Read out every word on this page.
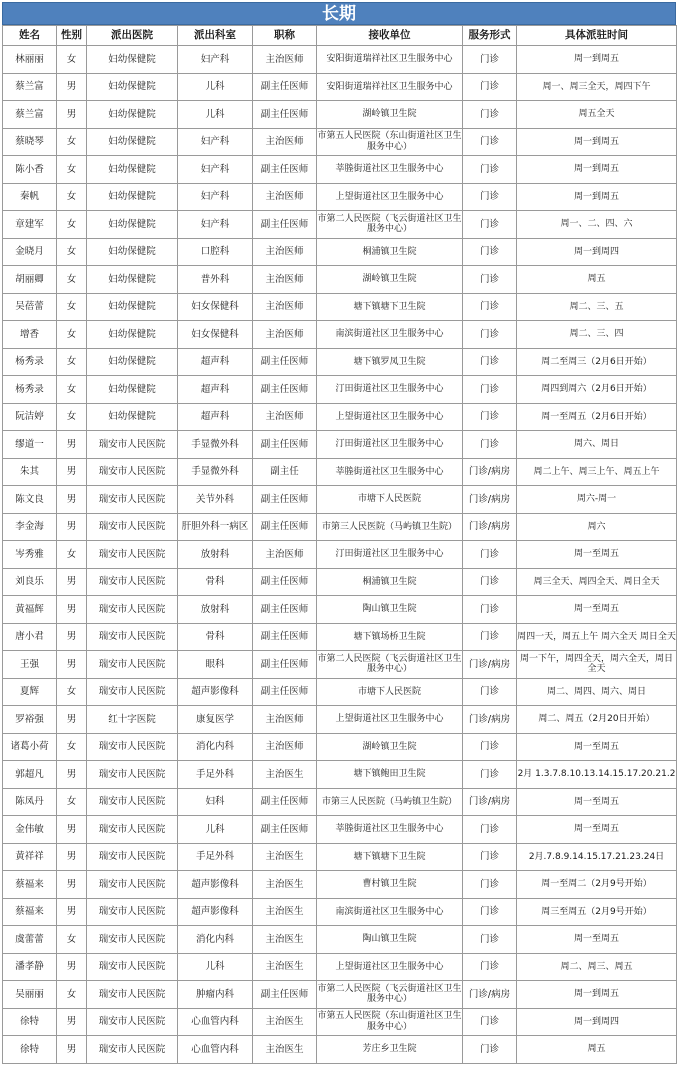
长期
姓名	性别	派出医院	派出科室	职称	接收单位	服务形式	具体派驻时间
林丽丽	女	妇幼保健院	妇产科	主治医师	安阳街道瑞祥社区卫生服务中心	门诊	周一到周五
蔡兰富	男	妇幼保健院	儿科	副主任医师	安阳街道瑞祥社区卫生服务中心	门诊	周一、周三全天，周四下午
蔡兰富	男	妇幼保健院	儿科	副主任医师	湖岭镇卫生院	门诊	周五全天
蔡晓琴	女	妇幼保健院	妇产科	主治医师	市第五人民医院（东山街道社区卫生服务中心）	门诊	周一到周五
陈小香	女	妇幼保健院	妇产科	副主任医师	莘塍街道社区卫生服务中心	门诊	周一到周五
秦帆	女	妇幼保健院	妇产科	主治医师	上望街道社区卫生服务中心	门诊	周一到周五
章建军	女	妇幼保健院	妇产科	副主任医师	市第二人民医院（飞云街道社区卫生服务中心）	门诊	周一、二、四、六
金晓月	女	妇幼保健院	口腔科	主治医师	桐浦镇卫生院	门诊	周一到周四
胡丽卿	女	妇幼保健院	普外科	主治医师	湖岭镇卫生院	门诊	周五
吴蓓蕾	女	妇幼保健院	妇女保健科	主治医师	塘下镇塘下卫生院	门诊	周二、三、五
增香	女	妇幼保健院	妇女保健科	主治医师	南滨街道社区卫生服务中心	门诊	周二、三、四
杨秀录	女	妇幼保健院	超声科	副主任医师	塘下镇罗凤卫生院	门诊	周二至周三（2月6日开始）
杨秀录	女	妇幼保健院	超声科	副主任医师	汀田街道社区卫生服务中心	门诊	周四到周六（2月6日开始）
阮洁婷	女	妇幼保健院	超声科	主治医师	上望街道社区卫生服务中心	门诊	周一至周五（2月6日开始）
缪道一	男	瑞安市人民医院	手显微外科	副主任医师	汀田街道社区卫生服务中心	门诊	周六、周日
朱其	男	瑞安市人民医院	手显微外科	副主任	莘塍街道社区卫生服务中心	门诊/病房	周二上午、周三上午、周五上午
陈文良	男	瑞安市人民医院	关节外科	副主任医师	市塘下人民医院	门诊/病房	周六-周一
李金海	男	瑞安市人民医院	肝胆外科一病区	副主任医师	市第三人民医院（马屿镇卫生院）	门诊/病房	周六
岑秀雅	女	瑞安市人民医院	放射科	主治医师	汀田街道社区卫生服务中心	门诊	周一至周五
刘良乐	男	瑞安市人民医院	骨科	副主任医师	桐浦镇卫生院	门诊	周三全天、周四全天、周日全天
黄福辉	男	瑞安市人民医院	放射科	副主任医师	陶山镇卫生院	门诊	周一至周五
唐小君	男	瑞安市人民医院	骨科	副主任医师	塘下镇场桥卫生院	门诊	周四一天，周五上午 周六全天 周日全天
王强	男	瑞安市人民医院	眼科	副主任医师	市第二人民医院（飞云街道社区卫生服务中心）	门诊/病房	周一下午，周四全天，周六全天，周日全天
夏辉	女	瑞安市人民医院	超声影像科	副主任医师	市塘下人民医院	门诊	周二、周四、周六、周日
罗裕强	男	红十字医院	康复医学	主治医师	上望街道社区卫生服务中心	门诊/病房	周二、周五（2月20日开始）
诸葛小荷	女	瑞安市人民医院	消化内科	主治医师	湖岭镇卫生院	门诊	周一至周五
郭超凡	男	瑞安市人民医院	手足外科	主治医生	塘下镇鲍田卫生院	门诊	2月 1.3.7.8.10.13.14.15.17.20.21.2
陈凤丹	女	瑞安市人民医院	妇科	副主任医师	市第三人民医院（马屿镇卫生院）	门诊/病房	周一至周五
金伟敏	男	瑞安市人民医院	儿科	副主任医师	莘塍街道社区卫生服务中心	门诊	周一至周五
黄祥祥	男	瑞安市人民医院	手足外科	主治医生	塘下镇塘下卫生院	门诊	2月.7.8.9.14.15.17.21.23.24日
蔡福来	男	瑞安市人民医院	超声影像科	主治医生	曹村镇卫生院	门诊	周一至周二（2月9号开始）
蔡福来	男	瑞安市人民医院	超声影像科	主治医生	南滨街道社区卫生服务中心	门诊	周三至周五（2月9号开始）
虞蕾蕾	女	瑞安市人民医院	消化内科	主治医生	陶山镇卫生院	门诊	周一至周五
潘孝静	男	瑞安市人民医院	儿科	主治医生	上望街道社区卫生服务中心	门诊	周二、周三、周五
吴丽丽	女	瑞安市人民医院	肿瘤内科	副主任医师	市第二人民医院（飞云街道社区卫生服务中心）	门诊/病房	周一到周五
徐特	男	瑞安市人民医院	心血管内科	主治医生	市第五人民医院（东山街道社区卫生服务中心）	门诊	周一到周四
徐特	男	瑞安市人民医院	心血管内科	主治医生	芳庄乡卫生院	门诊	周五
